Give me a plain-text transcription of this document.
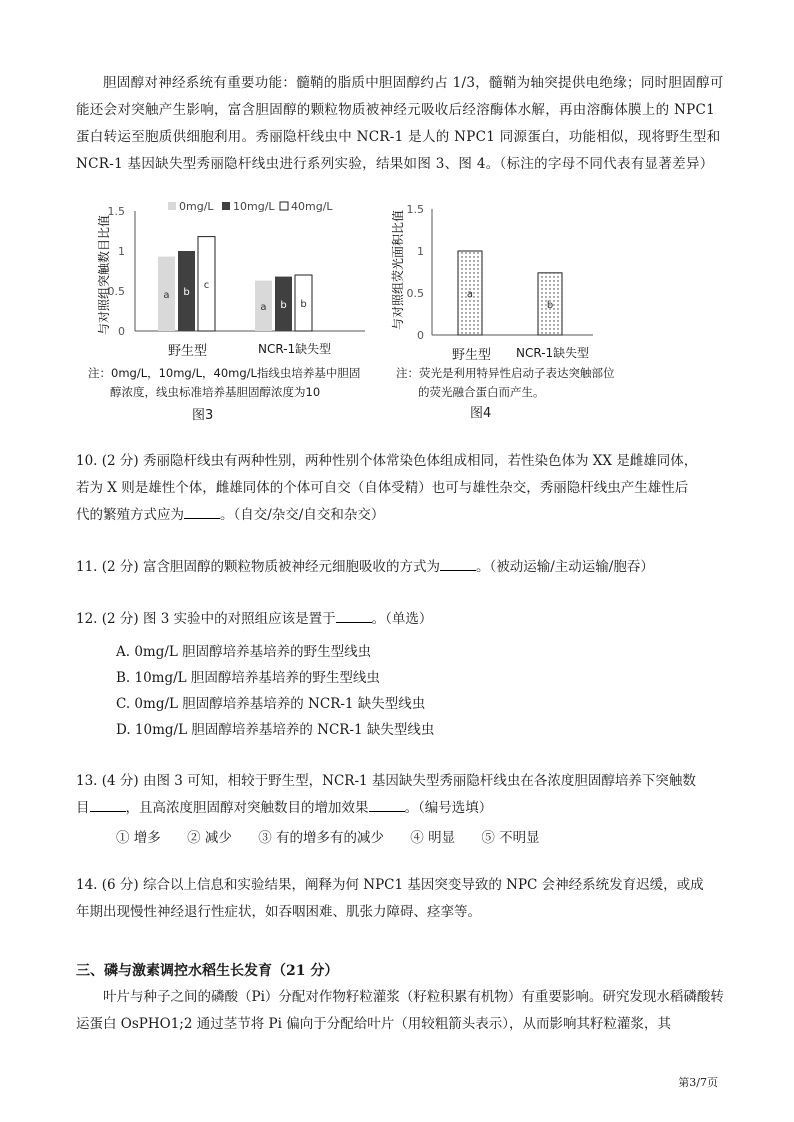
胆固醇对神经系统有重要功能：髓鞘的脂质中胆固醇约占 1/3，髓鞘为轴突提供电绝缘；同时胆固醇可能还会对突触产生影响，富含胆固醇的颗粒物质被神经元吸收后经溶酶体水解，再由溶酶体膜上的 NPC1 蛋白转运至胞质供细胞利用。秀丽隐杆线虫中 NCR-1 是人的 NPC1 同源蛋白，功能相似，现将野生型和 NCR-1 基因缺失型秀丽隐杆线虫进行系列实验，结果如图 3、图 4。（标注的字母不同代表有显著差异）
与对照组突触数目比值 0
0.5
1
1.5
a
a
b
b
c
b
0mg/L 10mg/L 40mg/L
野生型	NCR-1缺失型
注：0mg/L，10mg/L，40mg/L指线虫培养基中胆固
醇浓度，线虫标准培养基胆固醇浓度为10
图3
与对照组荧光面积比值
0
0.5
1
1.5
a
b
野生型 NCR-1缺失型
注：荧光是利用特异性启动子表达突触部位
的荧光融合蛋白而产生。
图4
10. (2 分) 秀丽隐杆线虫有两种性别，两种性别个体常染色体组成相同，若性染色体为 XX 是雌雄同体，
若为 X 则是雄性个体，雌雄同体的个体可自交（自体受精）也可与雄性杂交，秀丽隐杆线虫产生雄性后
代的繁殖方式应为	。（自交/杂交/自交和杂交）
11. (2 分) 富含胆固醇的颗粒物质被神经元细胞吸收的方式为	。（被动运输/主动运输/胞吞）
12. (2 分) 图 3 实验中的对照组应该是置于	。（单选）
A. 0mg/L 胆固醇培养基培养的野生型线虫
B. 10mg/L 胆固醇培养基培养的野生型线虫
C. 0mg/L 胆固醇培养基培养的 NCR-1 缺失型线虫
D. 10mg/L 胆固醇培养基培养的 NCR-1 缺失型线虫
13. (4 分) 由图 3 可知，相较于野生型，NCR-1 基因缺失型秀丽隐杆线虫在各浓度胆固醇培养下突触数
目	，且高浓度胆固醇对突触数目的增加效果	。（编号选填）
① 增多 ② 减少 ③ 有的增多有的减少 ④ 明显 ⑤ 不明显
14. (6 分) 综合以上信息和实验结果，阐释为何 NPC1 基因突变导致的 NPC 会神经系统发育迟缓，或成
年期出现慢性神经退行性症状，如吞咽困难、肌张力障碍、痉挛等。
三、磷与激素调控水稻生长发育（21 分）
叶片与种子之间的磷酸（Pi）分配对作物籽粒灌浆（籽粒积累有机物）有重要影响。研究发现水稻磷酸转运蛋白 OsPHO1;2 通过茎节将 Pi 偏向于分配给叶片（用较粗箭头表示），从而影响其籽粒灌浆，其
第3/7页
